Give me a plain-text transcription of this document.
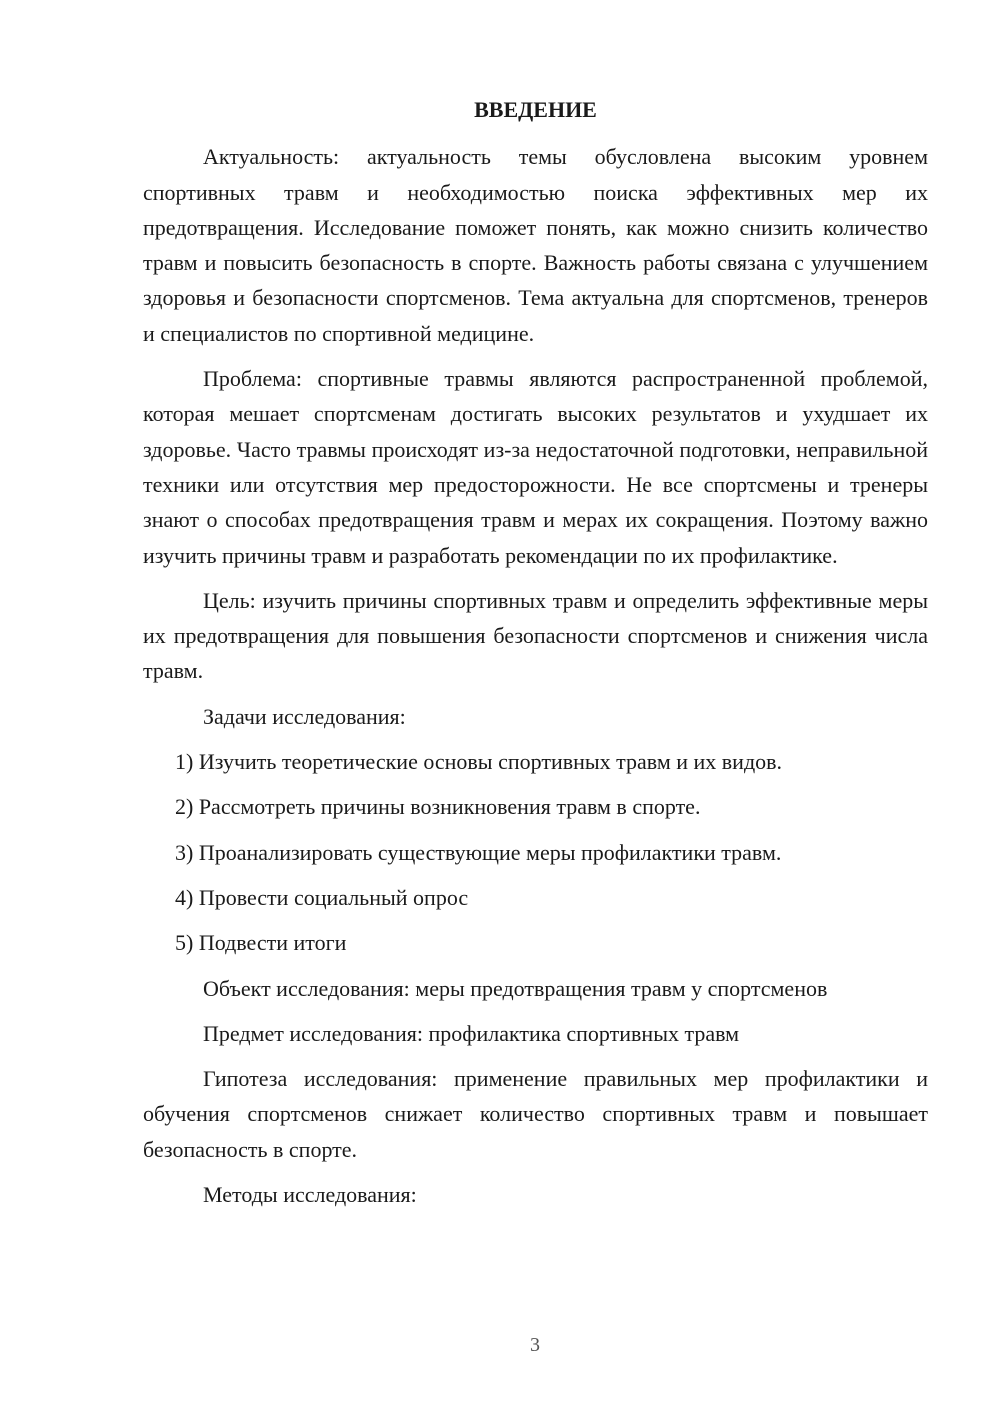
ВВЕДЕНИЕ

Актуальность: актуальность темы обусловлена высоким уровнем спортивных травм и необходимостью поиска эффективных мер их предотвращения. Исследование поможет понять, как можно снизить количество травм и повысить безопасность в спорте. Важность работы связана с улучшением здоровья и безопасности спортсменов. Тема актуальна для спортсменов, тренеров и специалистов по спортивной медицине.

Проблема: спортивные травмы являются распространенной проблемой, которая мешает спортсменам достигать высоких результатов и ухудшает их здоровье. Часто травмы происходят из-за недостаточной подготовки, неправильной техники или отсутствия мер предосторожности. Не все спортсмены и тренеры знают о способах предотвращения травм и мерах их сокращения. Поэтому важно изучить причины травм и разработать рекомендации по их профилактике.

Цель: изучить причины спортивных травм и определить эффективные меры их предотвращения для повышения безопасности спортсменов и снижения числа травм.

Задачи исследования:

1) Изучить теоретические основы спортивных травм и их видов.

2) Рассмотреть причины возникновения травм в спорте.

3) Проанализировать существующие меры профилактики травм.

4) Провести социальный опрос

5) Подвести итоги

Объект исследования: меры предотвращения травм у спортсменов

Предмет исследования: профилактика спортивных травм

Гипотеза исследования: применение правильных мер профилактики и обучения спортсменов снижает количество спортивных травм и повышает безопасность в спорте.

Методы исследования:

3
